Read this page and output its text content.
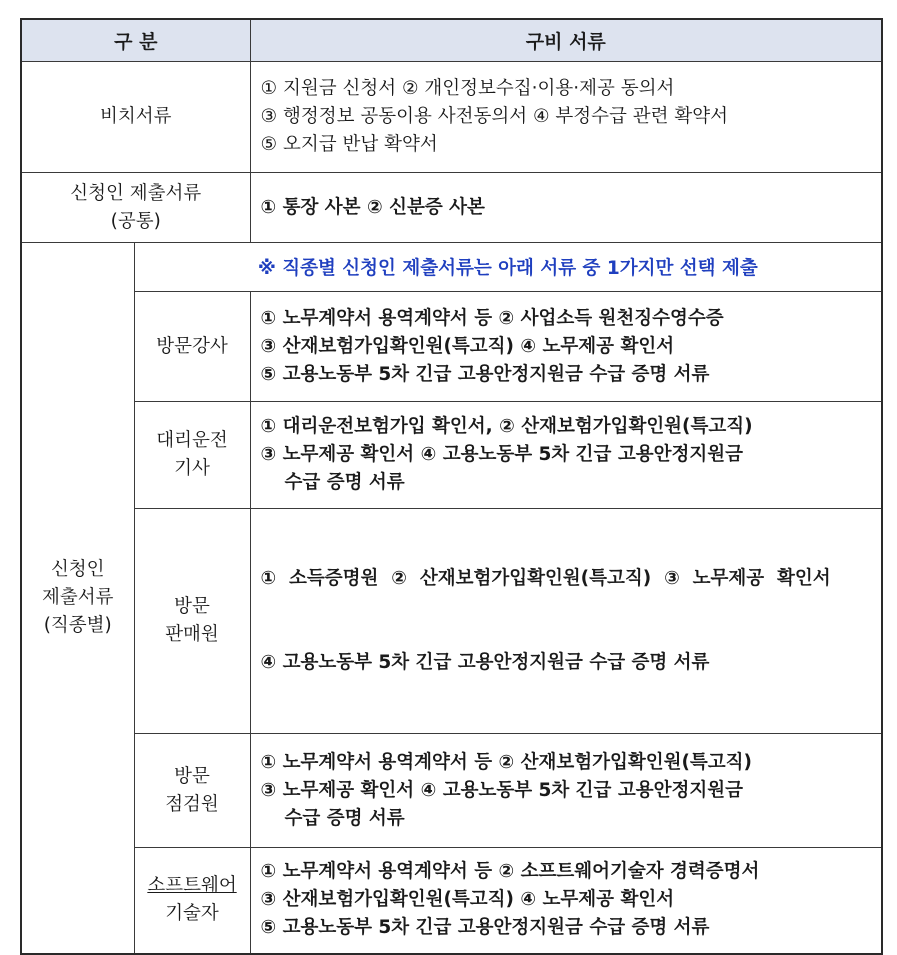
구 분		구비 서류
비치서류		① 지원금 신청서 ② 개인정보수집·이용·제공 동의서
③ 행정정보 공동이용 사전동의서 ④ 부정수급 관련 확약서
⑤ 오지급 반납 확약서

신청인 제출서류
(공통)		① 통장 사본 ② 신분증 사본

신청인
제출서류
(직종별)	※ 직종별 신청인 제출서류는 아래 서류 중 1가지만 선택 제출	

	방문강사	① 노무계약서 용역계약서 등 ② 사업소득 원천징수영수증
③ 산재보험가입확인원(특고직) ④ 노무제공 확인서
⑤ 고용노동부 5차 긴급 고용안정지원금 수급 증명 서류

	대리운전
기사	① 대리운전보험가입 확인서, ② 산재보험가입확인원(특고직)
③ 노무제공 확인서 ④ 고용노동부 5차 긴급 고용안정지원금
수급 증명 서류

	방문
판매원	①  소득증명원  ②  산재보험가입확인원(특고직)  ③  노무제공  확인서

④ 고용노동부 5차 긴급 고용안정지원금 수급 증명 서류

	방문
점검원	① 노무계약서 용역계약서 등 ② 산재보험가입확인원(특고직)
③ 노무제공 확인서 ④ 고용노동부 5차 긴급 고용안정지원금
수급 증명 서류

	소프트웨어
기술자	① 노무계약서 용역계약서 등 ② 소프트웨어기술자 경력증명서
③ 산재보험가입확인원(특고직) ④ 노무제공 확인서
⑤ 고용노동부 5차 긴급 고용안정지원금 수급 증명 서류
